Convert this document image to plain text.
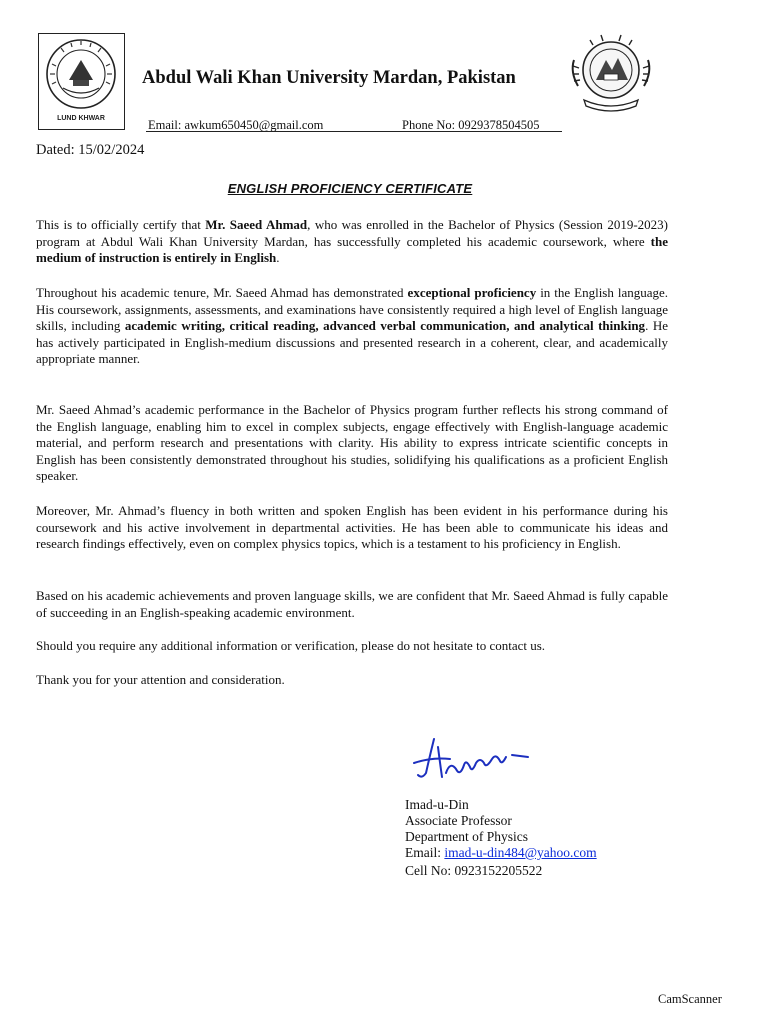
LUND KHWAR
Abdul Wali Khan University Mardan, Pakistan
Email: awkum650450@gmail.com	Phone No: 0929378504505
Dated: 15/02/2024
ENGLISH PROFICIENCY CERTIFICATE

This is to officially certify that Mr. Saeed Ahmad, who was enrolled in the Bachelor of Physics (Session 2019-2023) program at Abdul Wali Khan University Mardan, has successfully completed his academic coursework, where the medium of instruction is entirely in English.

Throughout his academic tenure, Mr. Saeed Ahmad has demonstrated exceptional proficiency in the English language. His coursework, assignments, assessments, and examinations have consistently required a high level of English language skills, including academic writing, critical reading, advanced verbal communication, and analytical thinking. He has actively participated in English-medium discussions and presented research in a coherent, clear, and academically appropriate manner.

Mr. Saeed Ahmad’s academic performance in the Bachelor of Physics program further reflects his strong command of the English language, enabling him to excel in complex subjects, engage effectively with English-language academic material, and perform research and presentations with clarity. His ability to express intricate scientific concepts in English has been consistently demonstrated throughout his studies, solidifying his qualifications as a proficient English speaker.

Moreover, Mr. Ahmad’s fluency in both written and spoken English has been evident in his performance during his coursework and his active involvement in departmental activities. He has been able to communicate his ideas and research findings effectively, even on complex physics topics, which is a testament to his proficiency in English.

Based on his academic achievements and proven language skills, we are confident that Mr. Saeed Ahmad is fully capable of succeeding in an English-speaking academic environment.

Should you require any additional information or verification, please do not hesitate to contact us.

Thank you for your attention and consideration.

Imad-u-Din
Associate Professor
Department of Physics
Email: imad-u-din484@yahoo.com
Cell No: 0923152205522
CamScanner
